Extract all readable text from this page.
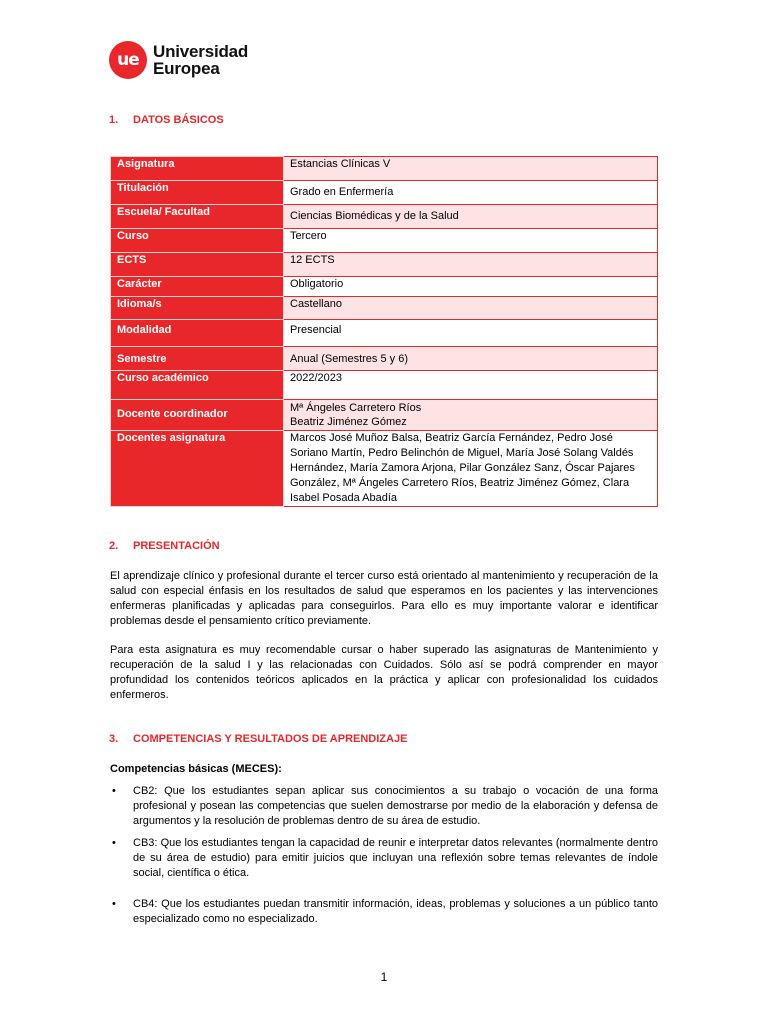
ue Universidad
Europea
1. DATOS BÁSICOS
Asignatura	Estancias Clínicas V
Titulación	Grado en Enfermería
Escuela/ Facultad	Ciencias Biomédicas y de la Salud
Curso	Tercero
ECTS	12 ECTS
Carácter	Obligatorio
Idioma/s	Castellano
Modalidad	Presencial
Semestre	Anual (Semestres 5 y 6)
Curso académico	2022/2023
Docente coordinador	Mª Ángeles Carretero Ríos
Beatriz Jiménez Gómez

Docentes asignatura	Marcos José Muñoz Balsa, Beatriz García Fernández, Pedro José Soriano Martín, Pedro Belinchón de Miguel, María José Solang Valdés Hernández, María Zamora Arjona, Pilar González Sanz, Óscar Pajares González, Mª Ángeles Carretero Ríos, Beatriz Jiménez Gómez, Clara Isabel Posada Abadía
2. PRESENTACIÓN

El aprendizaje clínico y profesional durante el tercer curso está orientado al mantenimiento y recuperación de la salud con especial énfasis en los resultados de salud que esperamos en los pacientes y las intervenciones enfermeras planificadas y aplicadas para conseguirlos. Para ello es muy importante valorar e identificar problemas desde el pensamiento crítico previamente.

Para esta asignatura es muy recomendable cursar o haber superado las asignaturas de Mantenimiento y recuperación de la salud I y las relacionadas con Cuidados. Sólo así se podrá comprender en mayor profundidad los contenidos teóricos aplicados en la práctica y aplicar con profesionalidad los cuidados enfermeros.

3. COMPETENCIAS Y RESULTADOS DE APRENDIZAJE

Competencias básicas (MECES):

• CB2: Que los estudiantes sepan aplicar sus conocimientos a su trabajo o vocación de una forma profesional y posean las competencias que suelen demostrarse por medio de la elaboración y defensa de argumentos y la resolución de problemas dentro de su área de estudio.
• CB3: Que los estudiantes tengan la capacidad de reunir e interpretar datos relevantes (normalmente dentro de su área de estudio) para emitir juicios que incluyan una reflexión sobre temas relevantes de índole social, científica o ética.
• CB4: Que los estudiantes puedan transmitir información, ideas, problemas y soluciones a un público tanto especializado como no especializado.
1
